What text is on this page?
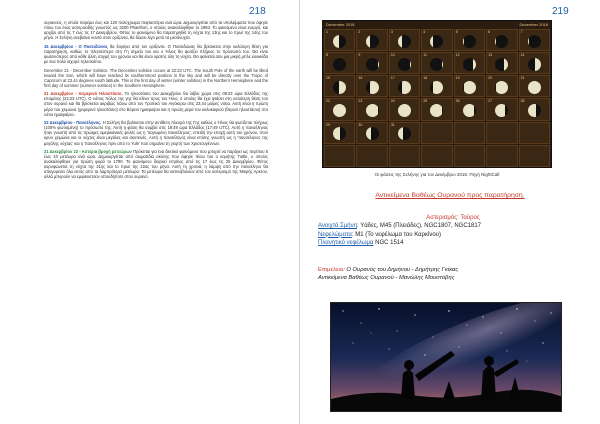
218	219

ουρανούς, η οποία παρέμει έως και 120 πολύχρωμα πεφταστέρια ανά ώρα. Δημιουργείται από τα υπολείμματα που άφησε πίσω του ένας αστεροειδής γνωστός ως 3200 Phaethon, ο οποίος ανακαλύφθηκε το 1983. Το φαινόμενο είναι ενεργό, και αρχίζει από τις 7 έως τις 17 Δεκεμβρίου. Φέτος το φαινόμενο θα παρατηρηθεί τη νύχτα της 13ης και το πρωί της 14ης του μήνα. Η Σελήνη ανεβαίνει κοντά στον ορίζοντα, θα δώσει λίγο μετά τα μεσάνυχτα.

15 Δεκεμβρίου - Ο Ποσειδώνας θα ξεφύγει από τον ορίζοντα. Ο Ποσειδώνας θα βρίσκεται στην καλύτερη θέση για παρατήρηση, καθώς το πλησιέστερο στη Γη σημείο του και ο Ήλιος θα φωτίζει πλήρως το πρόσωπό του. Θα είναι φωτεινότερος από κάθε άλλη στιγμή του χρόνου και θα είναι ορατός όλη τη νύχτα. Θα φαίνεται σαν μια μικρή μπλε κουκκίδα με ένα πολύ ισχυρό τηλεσκόπιο.

December 21 - December Solstice. The December solstice occurs at 22:23 UTC. The South Pole of the earth will be tilted toward the Sun, which will have reached its southernmost position in the sky and will be directly over the Tropic of Capricorn at 23.44 degrees south latitude. This is the first day of winter (winter solstice) in the Northern Hemisphere and the first day of summer (summer solstice) in the Southern Hemisphere.

21 Δεκεμβρίου - Χειμερινό Ηλιοστάσιο. Το ηλιοστάσιο του Δεκεμβρίου θα λάβει χώρα στις 09:23 ώρα Ελλάδος της επομένης (22:23 UTC). Ο νότιος πόλος της γης θα κλίνει προς τον Ήλιο, ο οποίος θα έχει φτάσει στη νοτιότερη θέση του στον ουρανό και θα βρίσκεται ακριβώς πάνω από τον Τροπικό του Αιγόκερω στις 23,44 μοίρες νότια. Αυτή είναι η πρώτη μέρα του χειμώνα (χειμερινό ηλιοστάσιο) στο Βόρειο ημισφαίριο και η πρώτη μέρα του καλοκαιριού (θερινό ηλιοστάσιο) στο νότιο ημισφαίριο.

22 Δεκεμβρίου - Πανσέληνος. Η Σελήνη θα βρίσκεται στην αντίθετη πλευρά της Γης καθώς ο Ήλιος θα φωτίζεται πλήρως (100% φωτισμένη) το πρόσωπό της. Αυτή η φάση θα συμβεί στις 19:49 ώρα Ελλάδος (17:49 UTC). Αυτή η πανσέληνος ήταν γνωστή από τις πρώιμες αμερικανικές φυλές ως η 'παγωμένη πανσέληνος', επειδή την εποχή αυτή του χρόνου, στον κρύο χειμώνα και οι νύχτες είναι μεγάλες και σκοτεινές. Αυτή η πανσέληνος είναι επίσης γνωστή ως η 'πανσέληνος της μεγάλης νύχτας' και η 'πανσέληνος πριν από το Yule' που σημαίνει τη γιορτή των Χριστουγέννων.

21 Δεκεμβρίου 22 - Αστέρια βροχή μετεώρων Πρόκειται για ένα δεκτικό φαινόμενο που μπορεί να παράγει ως περίπου 5 έως 10 μετέωρα ανά ώρα. Δημιουργείται από σωματίδια σκόνης που άφησε πίσω του ο κομήτης Tuttle, ο οποίος ανακαλύφθηκε για πρώτη φορά το 1790. Το φαινόμενο διαρκεί ετησίως από τις 17 έως τις 25 Δεκεμβρίου. Φέτος κορυφώνεται τη νύχτα της 21ης και το πρωί της 22ας του μήνα. Αυτή τη χρονιά, η λάμψη από την πανσέληνο θα απαγορεύει όλα εκτός από τα λαμπρότερα μετέωρα. Τα μετέωρα θα ακτινοβολούν από τον αστερισμό της Μικρής Άρκτου, αλλά μπορούν να εμφανιστούν οπουδήποτε στον ουρανό.

December 2018	December 2018
1	2	3	4	5	6	7
8	9	10	11	12	13	14
15	16	17	18	19	20	21
22	23	24	25	26	27	28
29	30	31
Οι φάσεις της Σελήνης για τον Δεκέμβριο 2018. Πηγή NightCall
Αντικείμενα Βαθέως Ουρανού προς παρατήρηση.
Αστερισμός: Ταύρος
Ανοιχτά Σμήνη: Υάδες, M45 (Πλειάδες), NGC1807, NGC1817
Νεφελώματα: M1 (Το νεφέλωμα του Καρκίνου)
Πλανητικό νεφέλωμα NGC 1514
Επιμέλεια: Ο Ουρανός του Δημήνου - Δημήτρης Γκίκας
Αντικείμενα Βαθέως Ουρανού - Μανώλης Μουστόβης
